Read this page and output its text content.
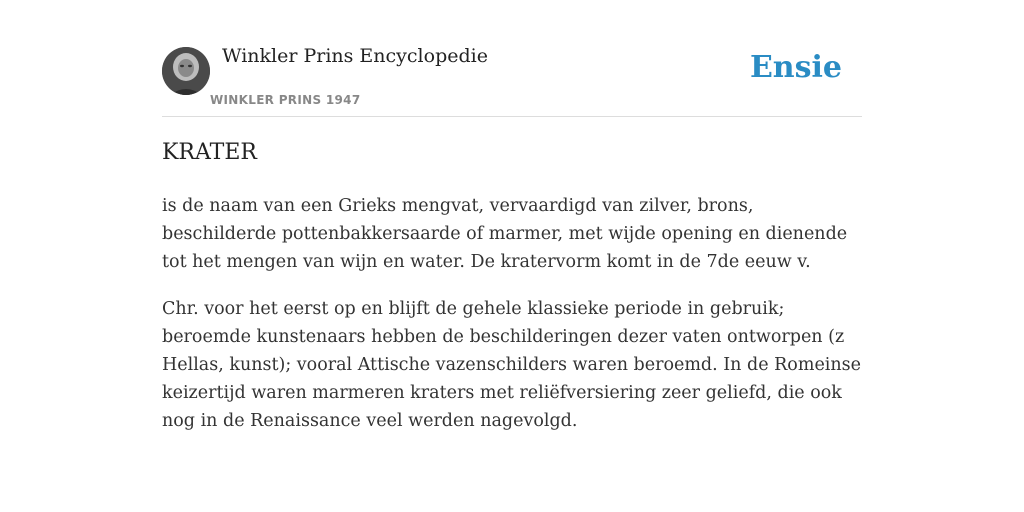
Winkler Prins Encyclopedie
WINKLER PRINS 1947
Ensie
KRATER

is de naam van een Grieks mengvat, vervaardigd van zilver, brons, beschilderde pottenbakkersaarde of marmer, met wijde opening en dienende tot het mengen van wijn en water. De kratervorm komt in de 7de eeuw v.

Chr. voor het eerst op en blijft de gehele klassieke periode in gebruik; beroemde kunstenaars hebben de beschilderingen dezer vaten ontworpen (z Hellas, kunst); vooral Attische vazenschilders waren beroemd. In de Romeinse keizertijd waren marmeren kraters met reliëfversiering zeer geliefd, die ook nog in de Renaissance veel werden nagevolgd.
